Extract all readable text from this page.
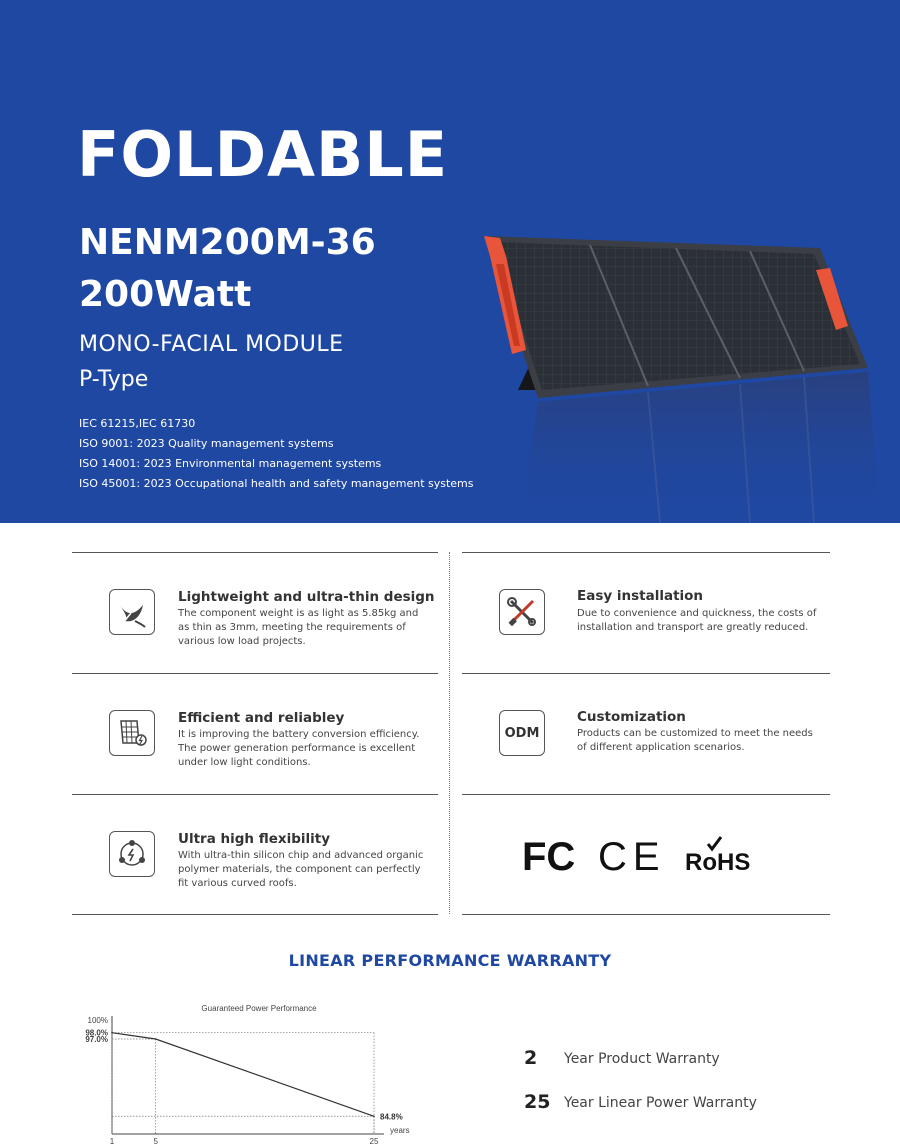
FOLDABLE
NENM200M-36
200Watt
MONO-FACIAL MODULE
P-Type
IEC 61215,IEC 61730
ISO 9001: 2023 Quality management systems
ISO 14001: 2023 Environmental management systems
ISO 45001: 2023 Occupational health and safety management systems
Lightweight and ultra-thin design
The component weight is as light as 5.85kg and as thin as 3mm, meeting the requirements of various low load projects.
Easy installation
Due to convenience and quickness, the costs of installation and transport are greatly reduced.
Efficient and reliabley
It is improving the battery conversion efficiency. The power generation performance is excellent under low light conditions.
ODM
Customization
Products can be customized to meet the needs of different application scenarios.
Ultra high flexibility
With ultra-thin silicon chip and advanced organic polymer materials, the component can perfectly fit various curved roofs.
FC CE RoHS
LINEAR PERFORMANCE WARRANTY
Guaranteed Power Performance
100%
98.0%
97.0%
1	5	25
years
84.8%
2 Year Product Warranty
25 Year Linear Power Warranty
